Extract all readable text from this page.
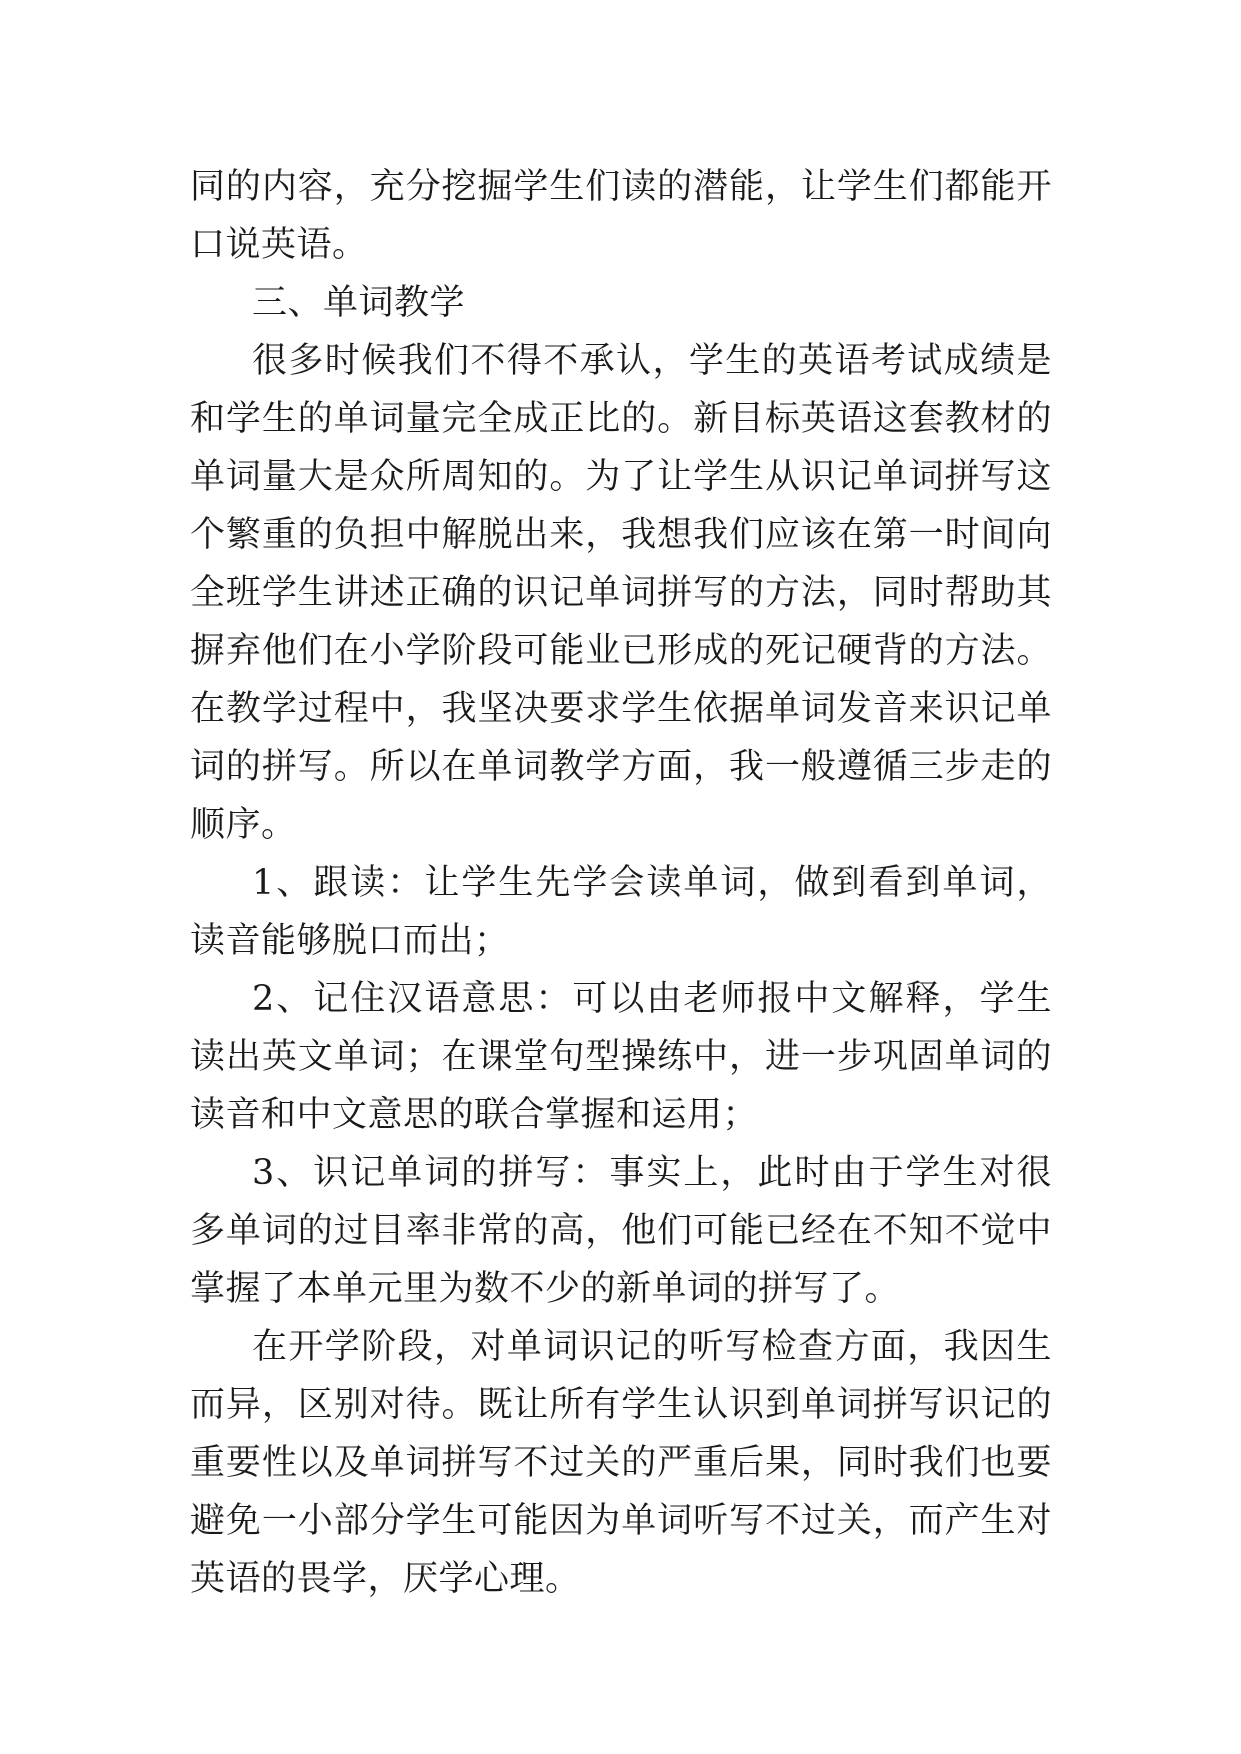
同的内容，充分挖掘学生们读的潜能，让学生们都能开口说英语。

三、单词教学

很多时候我们不得不承认，学生的英语考试成绩是和学生的单词量完全成正比的。新目标英语这套教材的单词量大是众所周知的。为了让学生从识记单词拼写这个繁重的负担中解脱出来，我想我们应该在第一时间向全班学生讲述正确的识记单词拼写的方法，同时帮助其摒弃他们在小学阶段可能业已形成的死记硬背的方法。在教学过程中，我坚决要求学生依据单词发音来识记单词的拼写。所以在单词教学方面，我一般遵循三步走的顺序。

1、跟读：让学生先学会读单词，做到看到单词，读音能够脱口而出；

2、记住汉语意思：可以由老师报中文解释，学生读出英文单词；在课堂句型操练中，进一步巩固单词的读音和中文意思的联合掌握和运用；

3、识记单词的拼写：事实上，此时由于学生对很多单词的过目率非常的高，他们可能已经在不知不觉中掌握了本单元里为数不少的新单词的拼写了。

在开学阶段，对单词识记的听写检查方面，我因生而异，区别对待。既让所有学生认识到单词拼写识记的重要性以及单词拼写不过关的严重后果，同时我们也要避免一小部分学生可能因为单词听写不过关，而产生对英语的畏学，厌学心理。
